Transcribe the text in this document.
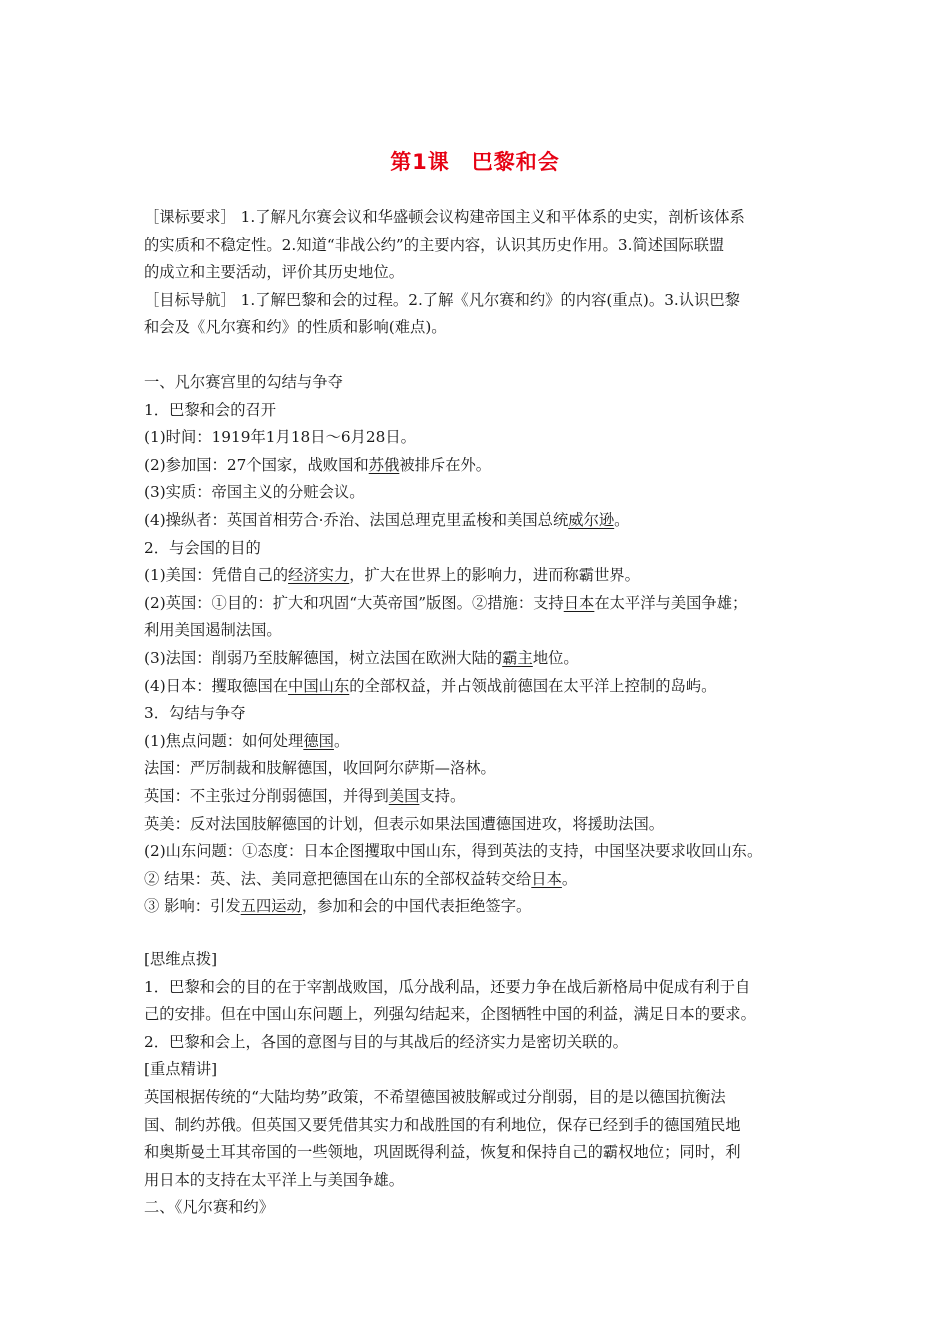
第1课　巴黎和会

［课标要求］ 1.了解凡尔赛会议和华盛顿会议构建帝国主义和平体系的史实，剖析该体系

的实质和不稳定性。2.知道“非战公约”的主要内容，认识其历史作用。3.简述国际联盟

的成立和主要活动，评价其历史地位。

［目标导航］ 1.了解巴黎和会的过程。2.了解《凡尔赛和约》的内容(重点)。3.认识巴黎

和会及《凡尔赛和约》的性质和影响(难点)。

一、凡尔赛宫里的勾结与争夺

1．巴黎和会的召开

(1)时间：1919年1月18日～6月28日。

(2)参加国：27个国家，战败国和苏俄被排斥在外。

(3)实质：帝国主义的分赃会议。

(4)操纵者：英国首相劳合·乔治、法国总理克里孟梭和美国总统威尔逊。

2．与会国的目的

(1)美国：凭借自己的经济实力，扩大在世界上的影响力，进而称霸世界。

(2)英国：①目的：扩大和巩固“大英帝国”版图。②措施：支持日本在太平洋与美国争雄；

利用美国遏制法国。

(3)法国：削弱乃至肢解德国，树立法国在欧洲大陆的霸主地位。

(4)日本：攫取德国在中国山东的全部权益，并占领战前德国在太平洋上控制的岛屿。

3．勾结与争夺

(1)焦点问题：如何处理德国。

法国：严厉制裁和肢解德国，收回阿尔萨斯—洛林。

英国：不主张过分削弱德国，并得到美国支持。

英美：反对法国肢解德国的计划，但表示如果法国遭德国进攻，将援助法国。

(2)山东问题：①态度：日本企图攫取中国山东，得到英法的支持，中国坚决要求收回山东。

② 结果：英、法、美同意把德国在山东的全部权益转交给日本。

③ 影响：引发五四运动，参加和会的中国代表拒绝签字。

[思维点拨]

1．巴黎和会的目的在于宰割战败国，瓜分战利品，还要力争在战后新格局中促成有利于自

己的安排。但在中国山东问题上，列强勾结起来，企图牺牲中国的利益，满足日本的要求。

2．巴黎和会上，各国的意图与目的与其战后的经济实力是密切关联的。

[重点精讲]

英国根据传统的“大陆均势”政策，不希望德国被肢解或过分削弱，目的是以德国抗衡法

国、制约苏俄。但英国又要凭借其实力和战胜国的有利地位，保存已经到手的德国殖民地

和奥斯曼土耳其帝国的一些领地，巩固既得利益，恢复和保持自己的霸权地位；同时，利

用日本的支持在太平洋上与美国争雄。

二、《凡尔赛和约》
